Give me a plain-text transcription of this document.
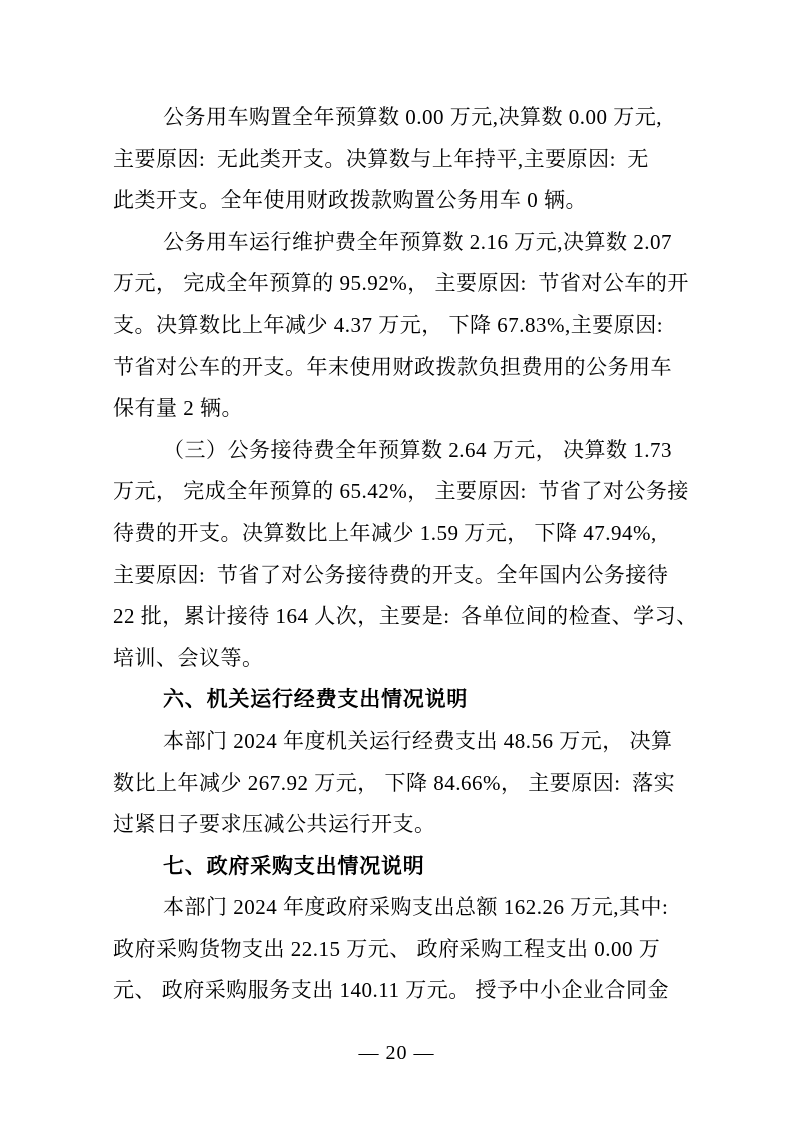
公务用车购置全年预算数 0.00 万元,决算数 0.00 万元,
主要原因:  无此类开支。决算数与上年持平,主要原因:  无
此类开支。全年使用财政拨款购置公务用车 0 辆。
公务用车运行维护费全年预算数 2.16 万元,决算数 2.07
万元， 完成全年预算的 95.92%， 主要原因:  节省对公车的开
支。决算数比上年减少 4.37 万元， 下降 67.83%,主要原因:
节省对公车的开支。年末使用财政拨款负担费用的公务用车
保有量 2 辆。
（三）公务接待费全年预算数 2.64 万元， 决算数 1.73
万元， 完成全年预算的 65.42%， 主要原因:  节省了对公务接
待费的开支。决算数比上年减少 1.59 万元， 下降 47.94%,
主要原因:  节省了对公务接待费的开支。全年国内公务接待
22 批，累计接待 164 人次，主要是:  各单位间的检查、学习、
培训、会议等。
六、机关运行经费支出情况说明
本部门 2024 年度机关运行经费支出 48.56 万元， 决算
数比上年减少 267.92 万元， 下降 84.66%， 主要原因:  落实
过紧日子要求压减公共运行开支。
七、政府采购支出情况说明
本部门 2024 年度政府采购支出总额 162.26 万元,其中:
政府采购货物支出 22.15 万元、 政府采购工程支出 0.00 万
元、 政府采购服务支出 140.11 万元。 授予中小企业合同金
— 20 —
